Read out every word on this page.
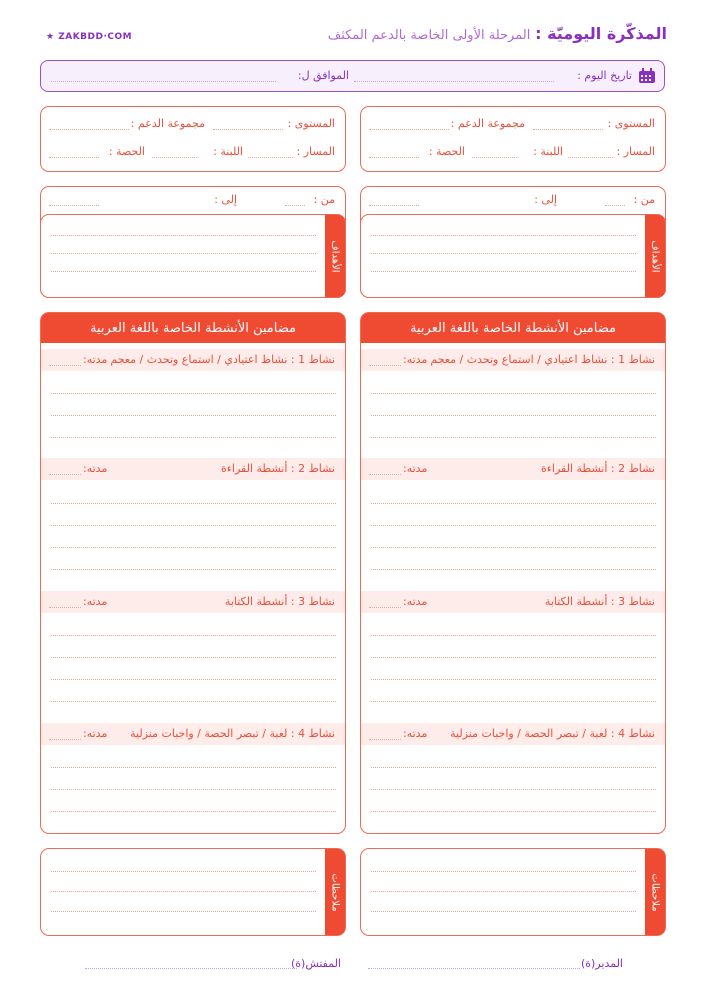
المذكّرة اليوميّة : المرحلة الأولى الخاصة بالدعم المكثف
★ ZAKBDD·COM
تاريخ اليوم :
الموافق ل:
المستوى :
مجموعة الدعم :
المسار :
اللبنة :
الحصة :
المستوى :
مجموعة الدعم :
المسار :
اللبنة :
الحصة :
من :
إلى :
الأهداف
من :
إلى :
الأهداف
مضامين الأنشطة الخاصة باللغة العربية
نشاط 1 : نشاط اعتيادي / استماع وتحدث / معجم
مدته:
نشاط 2 : أنشطة القراءة
مدته:
نشاط 3 : أنشطة الكتابة
مدته:
نشاط 4 : لعبة / تبصر الحصة / واجبات منزلية
مدته:
مضامين الأنشطة الخاصة باللغة العربية
نشاط 1 : نشاط اعتيادي / استماع وتحدث / معجم
مدته:
نشاط 2 : أنشطة القراءة
مدته:
نشاط 3 : أنشطة الكتابة
مدته:
نشاط 4 : لعبة / تبصر الحصة / واجبات منزلية
مدته:
ملاحظات
ملاحظات
المدير(ة)
المفتش(ة)
